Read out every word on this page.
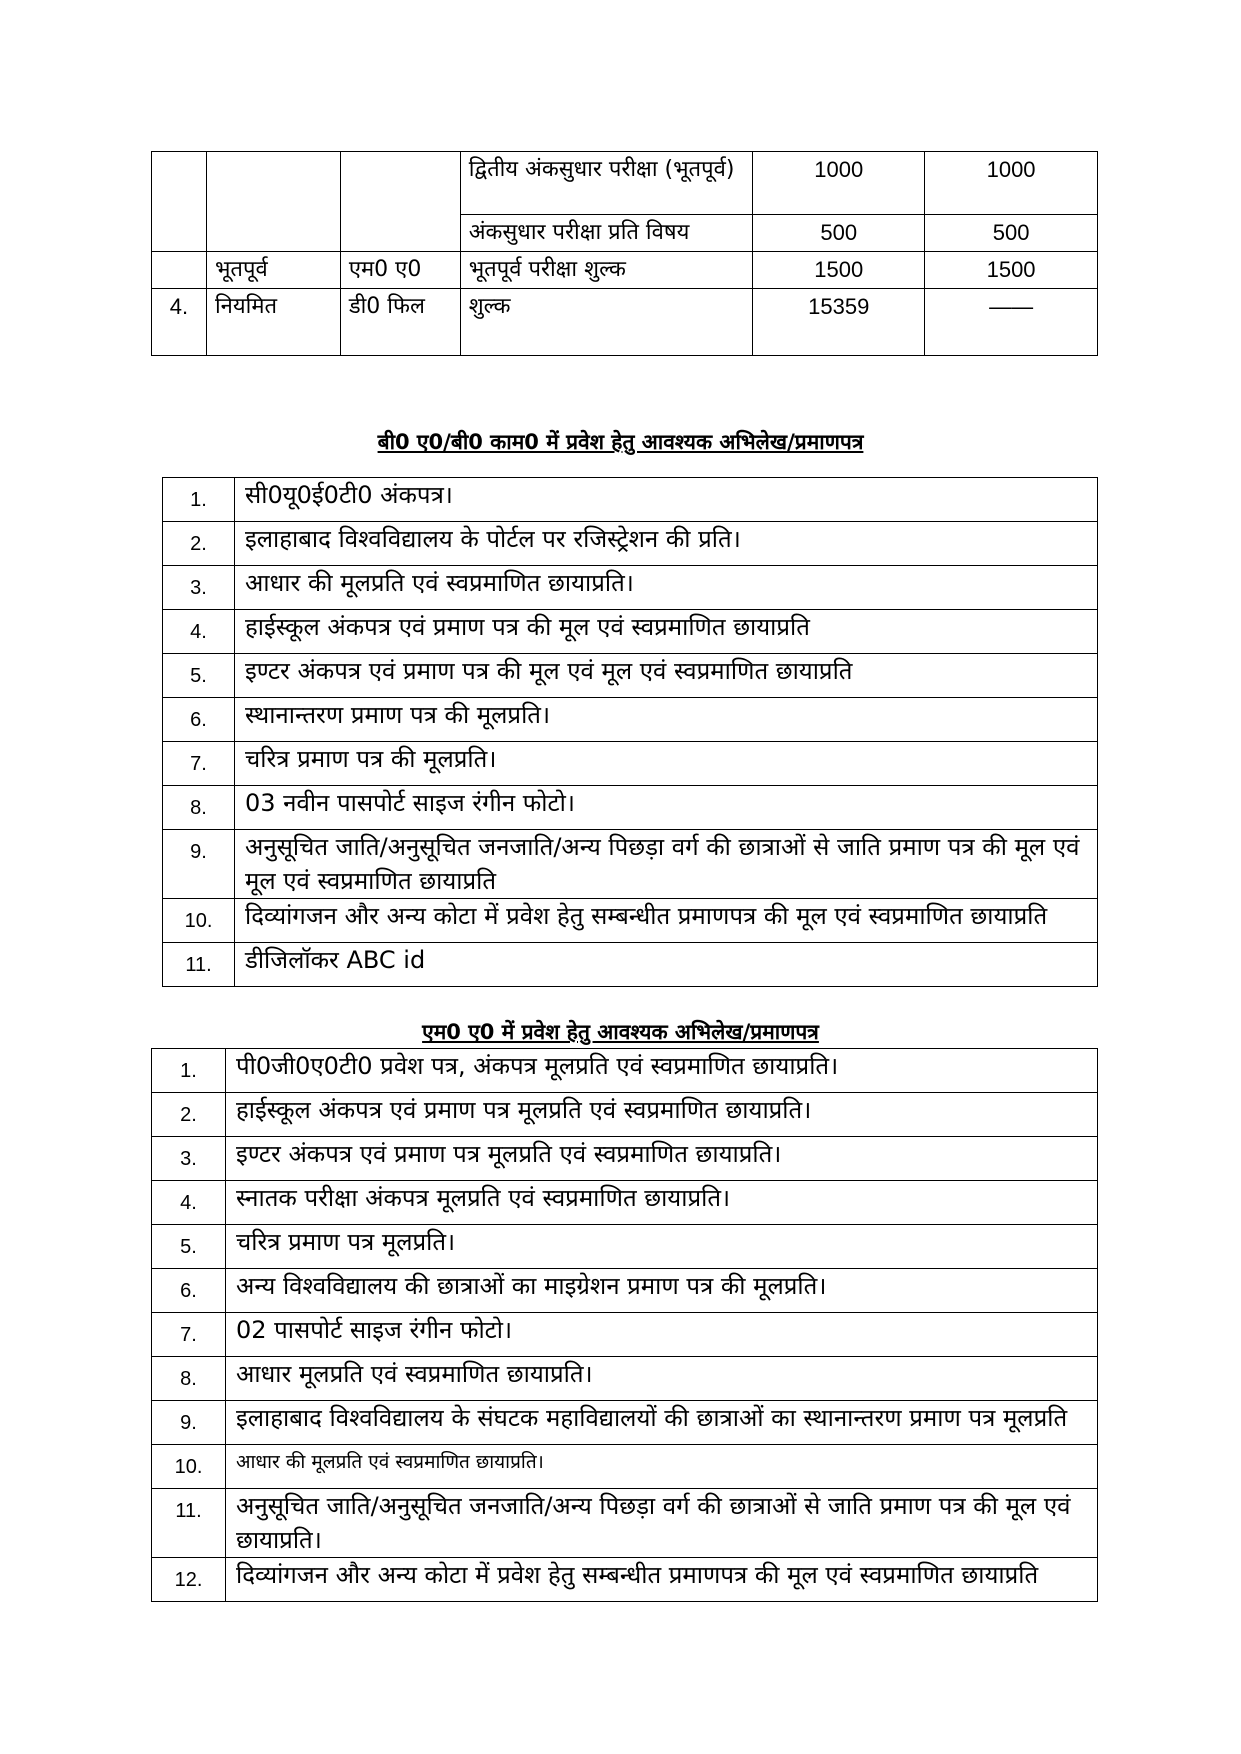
			द्वितीय अंकसुधार परीक्षा (भूतपूर्व)	1000	1000
			अंकसुधार परीक्षा प्रति विषय	500	500
	भूतपूर्व	एम0 ए0	भूतपूर्व परीक्षा शुल्क	1500	1500
4.	नियमित	डी0 फिल	शुल्क	15359	——
बी0 ए0/बी0 काम0 में प्रवेश हेतु आवश्यक अभिलेख/प्रमाणपत्र
1.	सी0यू0ई0टी0 अंकपत्र।
2.	इलाहाबाद विश्वविद्यालय के पोर्टल पर रजिस्ट्रेशन की प्रति।
3.	आधार की मूलप्रति एवं स्वप्रमाणित छायाप्रति।
4.	हाईस्कूल अंकपत्र एवं प्रमाण पत्र की मूल एवं स्वप्रमाणित छायाप्रति
5.	इण्टर अंकपत्र एवं प्रमाण पत्र की मूल एवं मूल एवं स्वप्रमाणित छायाप्रति
6.	स्थानान्तरण प्रमाण पत्र की मूलप्रति।
7.	चरित्र प्रमाण पत्र की मूलप्रति।
8.	03 नवीन पासपोर्ट साइज रंगीन फोटो।
9.	अनुसूचित जाति/अनुसूचित जनजाति/अन्य पिछड़ा वर्ग की छात्राओं से जाति प्रमाण पत्र की मूल एवं मूल एवं स्वप्रमाणित छायाप्रति
10.	दिव्यांगजन और अन्य कोटा में प्रवेश हेतु सम्बन्धीत प्रमाणपत्र की मूल एवं स्वप्रमाणित छायाप्रति
11.	डीजिलॉकर ABC id
एम0 ए0 में प्रवेश हेतु आवश्यक अभिलेख/प्रमाणपत्र
1.	पी0जी0ए0टी0 प्रवेश पत्र, अंकपत्र मूलप्रति एवं स्वप्रमाणित छायाप्रति।
2.	हाईस्कूल अंकपत्र एवं प्रमाण पत्र मूलप्रति एवं स्वप्रमाणित छायाप्रति।
3.	इण्टर अंकपत्र एवं प्रमाण पत्र मूलप्रति एवं स्वप्रमाणित छायाप्रति।
4.	स्नातक परीक्षा अंकपत्र मूलप्रति एवं स्वप्रमाणित छायाप्रति।
5.	चरित्र प्रमाण पत्र मूलप्रति।
6.	अन्य विश्वविद्यालय की छात्राओं का माइग्रेशन प्रमाण पत्र की मूलप्रति।
7.	02 पासपोर्ट साइज रंगीन फोटो।
8.	आधार मूलप्रति एवं स्वप्रमाणित छायाप्रति।
9.	इलाहाबाद विश्वविद्यालय के संघटक महाविद्यालयों की छात्राओं का स्थानान्तरण प्रमाण पत्र मूलप्रति
10.	आधार की मूलप्रति एवं स्वप्रमाणित छायाप्रति।
11.	अनुसूचित जाति/अनुसूचित जनजाति/अन्य पिछड़ा वर्ग की छात्राओं से जाति प्रमाण पत्र की मूल एवं छायाप्रति।
12.	दिव्यांगजन और अन्य कोटा में प्रवेश हेतु सम्बन्धीत प्रमाणपत्र की मूल एवं स्वप्रमाणित छायाप्रति
